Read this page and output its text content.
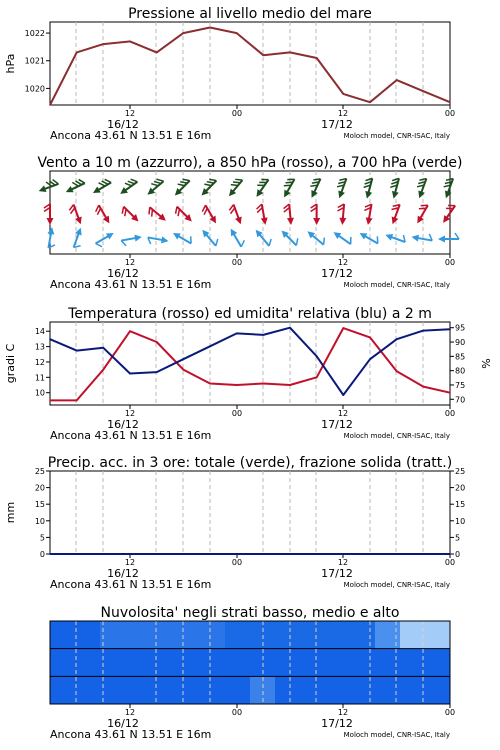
Pressione al livello medio del mare
1020
1021
1022
hPa
12	00	12	00
16/12	17/12
Ancona 43.61 N 13.51 E 16m	Moloch model, CNR-ISAC, Italy
Vento a 10 m (azzurro), a 850 hPa (rosso), a 700 hPa (verde)
12	00	12	00
16/12	17/12
Ancona 43.61 N 13.51 E 16m	Moloch model, CNR-ISAC, Italy
Temperatura (rosso) ed umidita' relativa (blu) a 2 m
10
11
12
13
14
gradi C
70
75
80
85
90
95
%
12	00	12	00
16/12	17/12
Ancona 43.61 N 13.51 E 16m	Moloch model, CNR-ISAC, Italy
Precip. acc. in 3 ore: totale (verde), frazione solida (tratt.)
0
5
10
15
20
25
mm
0
5
10
15
20
25
12	00	12	00
16/12	17/12
Ancona 43.61 N 13.51 E 16m	Moloch model, CNR-ISAC, Italy
Nuvolosita' negli strati basso, medio e alto
12	00	12	00
16/12	17/12
Ancona 43.61 N 13.51 E 16m	Moloch model, CNR-ISAC, Italy
